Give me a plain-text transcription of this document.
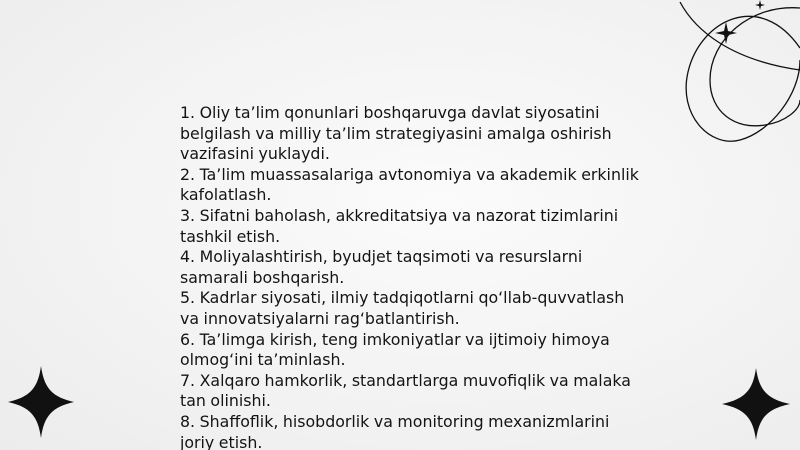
1. Oliy ta’lim qonunlari boshqaruvga davlat siyosatini belgilash va milliy ta’lim strategiyasini amalga oshirish vazifasini yuklaydi.

2. Ta’lim muassasalariga avtonomiya va akademik erkinlik kafolatlash.

3. Sifatni baholash, akkreditatsiya va nazorat tizimlarini tashkil etish.

4. Moliyalashtirish, byudjet taqsimoti va resurslarni samarali boshqarish.

5. Kadrlar siyosati, ilmiy tadqiqotlarni qo‘llab-quvvatlash va innovatsiyalarni rag‘batlantirish.

6. Ta’limga kirish, teng imkoniyatlar va ijtimoiy himoya olmog‘ini ta’minlash.

7. Xalqaro hamkorlik, standartlarga muvofiqlik va malaka tan olinishi.

8. Shaffoflik, hisobdorlik va monitoring mexanizmlarini joriy etish.
